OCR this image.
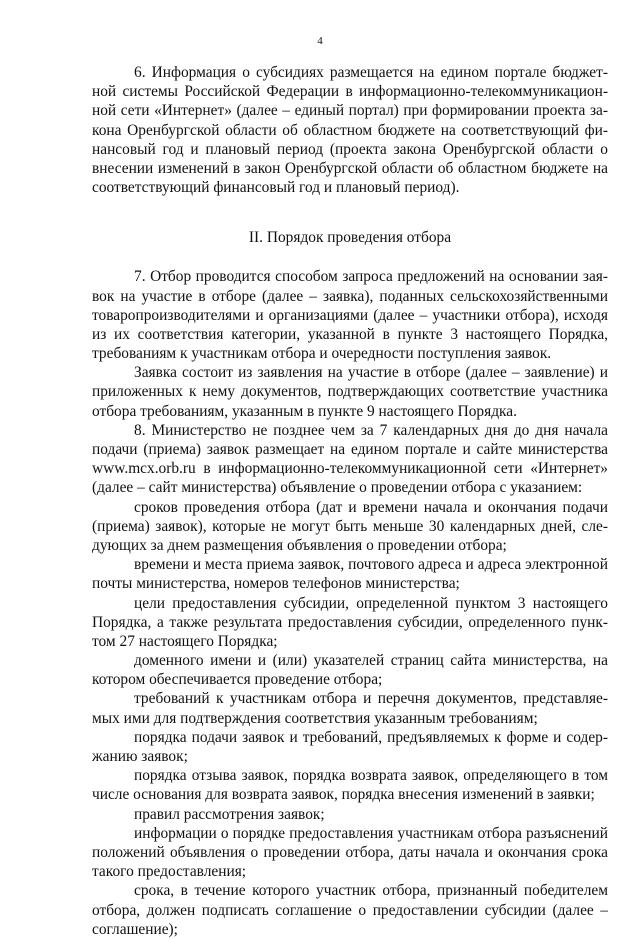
4
6. Информация о субсидиях размещается на едином портале бюджет-
ной системы Российской Федерации в информационно-телекоммуникацион-
ной сети «Интернет» (далее – единый портал) при формировании проекта за-
кона Оренбургской области об областном бюджете на соответствующий фи-
нансовый год и плановый период (проекта закона Оренбургской области о
внесении изменений в закон Оренбургской области об областном бюджете на
соответствующий финансовый год и плановый период).
II. Порядок проведения отбора
7. Отбор проводится способом запроса предложений на основании зая-
вок на участие в отборе (далее – заявка), поданных сельскохозяйственными
товаропроизводителями и организациями (далее – участники отбора), исходя
из их соответствия категории, указанной в пункте 3 настоящего Порядка,
требованиям к участникам отбора и очередности поступления заявок.
Заявка состоит из заявления на участие в отборе (далее – заявление) и
приложенных к нему документов, подтверждающих соответствие участника
отбора требованиям, указанным в пункте 9 настоящего Порядка.
8. Министерство не позднее чем за 7 календарных дня до дня начала
подачи (приема) заявок размещает на едином портале и сайте министерства
www.mcx.orb.ru в информационно-телекоммуникационной сети «Интернет»
(далее – сайт министерства) объявление о проведении отбора с указанием:
сроков проведения отбора (дат и времени начала и окончания подачи
(приема) заявок), которые не могут быть меньше 30 календарных дней, сле-
дующих за днем размещения объявления о проведении отбора;
времени и места приема заявок, почтового адреса и адреса электронной
почты министерства, номеров телефонов министерства;
цели предоставления субсидии, определенной пунктом 3 настоящего
Порядка, а также результата предоставления субсидии, определенного пунк-
том 27 настоящего Порядка;
доменного имени и (или) указателей страниц сайта министерства, на
котором обеспечивается проведение отбора;
требований к участникам отбора и перечня документов, представляе-
мых ими для подтверждения соответствия указанным требованиям;
порядка подачи заявок и требований, предъявляемых к форме и содер-
жанию заявок;
порядка отзыва заявок, порядка возврата заявок, определяющего в том
числе основания для возврата заявок, порядка внесения изменений в заявки;
правил рассмотрения заявок;
информации о порядке предоставления участникам отбора разъяснений
положений объявления о проведении отбора, даты начала и окончания срока
такого предоставления;
срока, в течение которого участник отбора, признанный победителем
отбора, должен подписать соглашение о предоставлении субсидии (далее –
соглашение);
